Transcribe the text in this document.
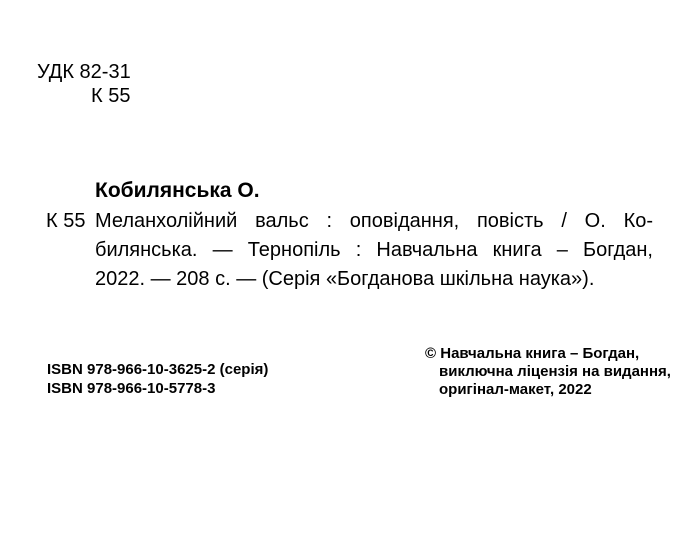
УДК 82-31
К 55
Кобилянська О.
К 55 Меланхолійний вальс : оповідання, повість / О. Ко-
билянська. — Тернопіль : Навчальна книга – Богдан,
2022. — 208 с. — (Серія «Богданова шкільна наука»).
ISBN 978-966-10-3625-2 (серія)
ISBN 978-966-10-5778-3
© Навчальна книга – Богдан,
виключна ліцензія на видання,
оригінал-макет, 2022
